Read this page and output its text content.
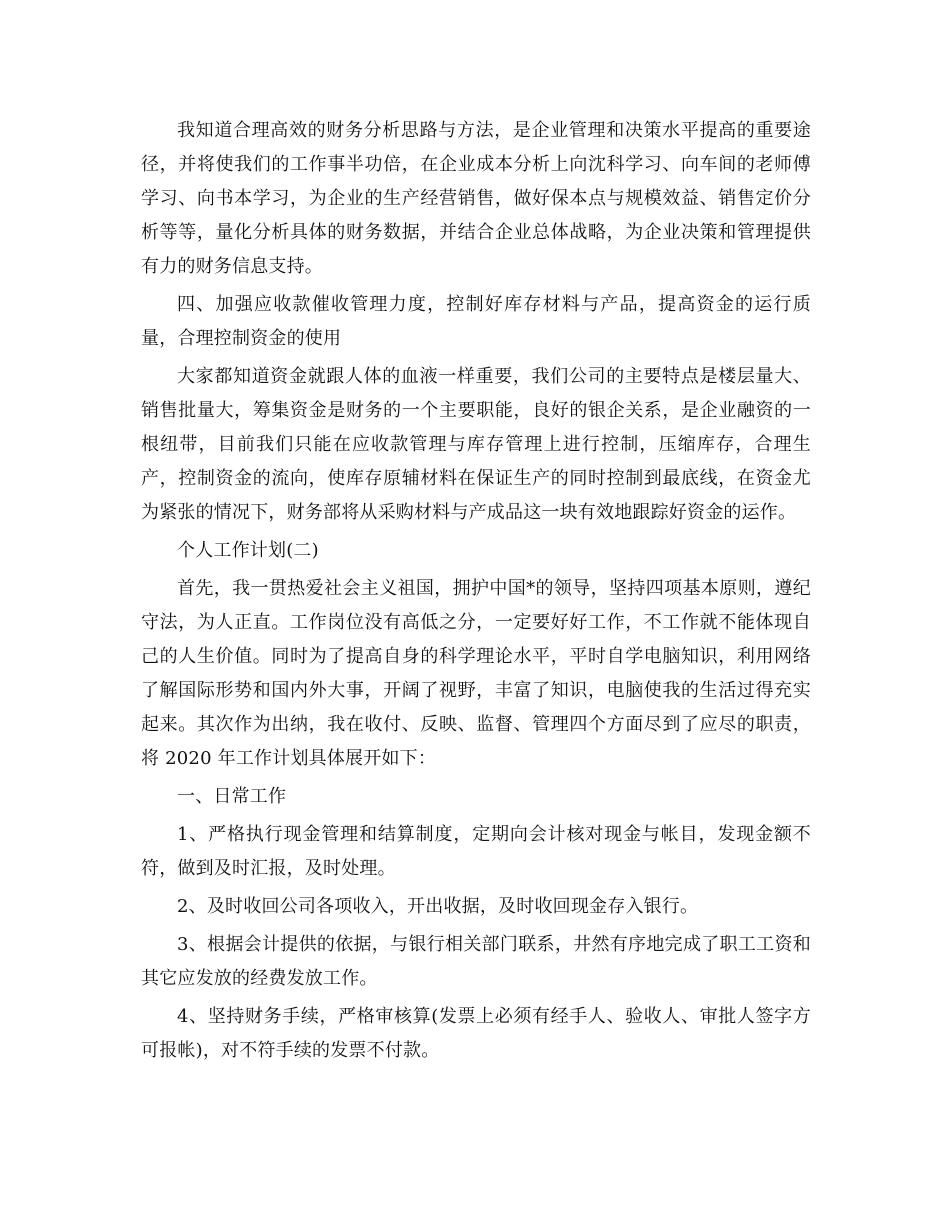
我知道合理高效的财务分析思路与方法，是企业管理和决策水平提高的重要途径，并将使我们的工作事半功倍，在企业成本分析上向沈科学习、向车间的老师傅学习、向书本学习，为企业的生产经营销售，做好保本点与规模效益、销售定价分析等等，量化分析具体的财务数据，并结合企业总体战略，为企业决策和管理提供有力的财务信息支持。

四、加强应收款催收管理力度，控制好库存材料与产品，提高资金的运行质量，合理控制资金的使用

大家都知道资金就跟人体的血液一样重要，我们公司的主要特点是楼层量大、销售批量大，筹集资金是财务的一个主要职能，良好的银企关系，是企业融资的一根纽带，目前我们只能在应收款管理与库存管理上进行控制，压缩库存，合理生产，控制资金的流向，使库存原辅材料在保证生产的同时控制到最底线，在资金尤为紧张的情况下，财务部将从采购材料与产成品这一块有效地跟踪好资金的运作。

个人工作计划(二)

首先，我一贯热爱社会主义祖国，拥护中国*的领导，坚持四项基本原则，遵纪守法，为人正直。工作岗位没有高低之分，一定要好好工作，不工作就不能体现自己的人生价值。同时为了提高自身的科学理论水平，平时自学电脑知识，利用网络了解国际形势和国内外大事，开阔了视野，丰富了知识，电脑使我的生活过得充实起来。其次作为出纳，我在收付、反映、监督、管理四个方面尽到了应尽的职责，将 2020 年工作计划具体展开如下：

一、日常工作

1、严格执行现金管理和结算制度，定期向会计核对现金与帐目，发现金额不符，做到及时汇报，及时处理。

2、及时收回公司各项收入，开出收据，及时收回现金存入银行。

3、根据会计提供的依据，与银行相关部门联系，井然有序地完成了职工工资和其它应发放的经费发放工作。

4、坚持财务手续，严格审核算(发票上必须有经手人、验收人、审批人签字方可报帐)，对不符手续的发票不付款。
